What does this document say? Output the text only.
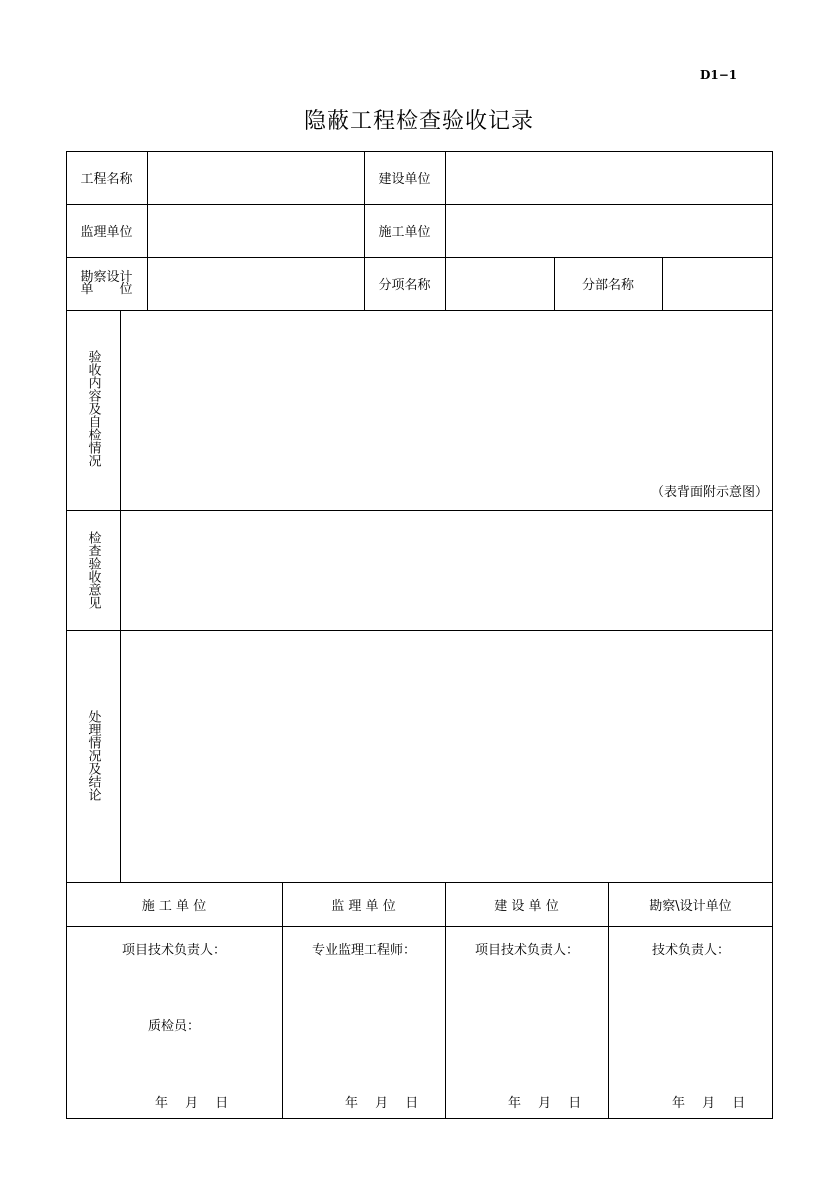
D1−1
隐蔽工程检查验收记录
工程名称	建设单位
监理单位	施工单位
勘察设计
单　　位	分项名称	分部名称
验收内容及自检情况
（表背面附示意图）
检查验收意见
处理情况及结论
施 工 单 位	监 理 单 位	建 设 单 位	勘察\设计单位
项目技术负责人：	专业监理工程师：	项目技术负责人：	技术负责人：
质检员：
年　 月　 日	年　 月　 日	年　 月　 日	年　 月　 日
